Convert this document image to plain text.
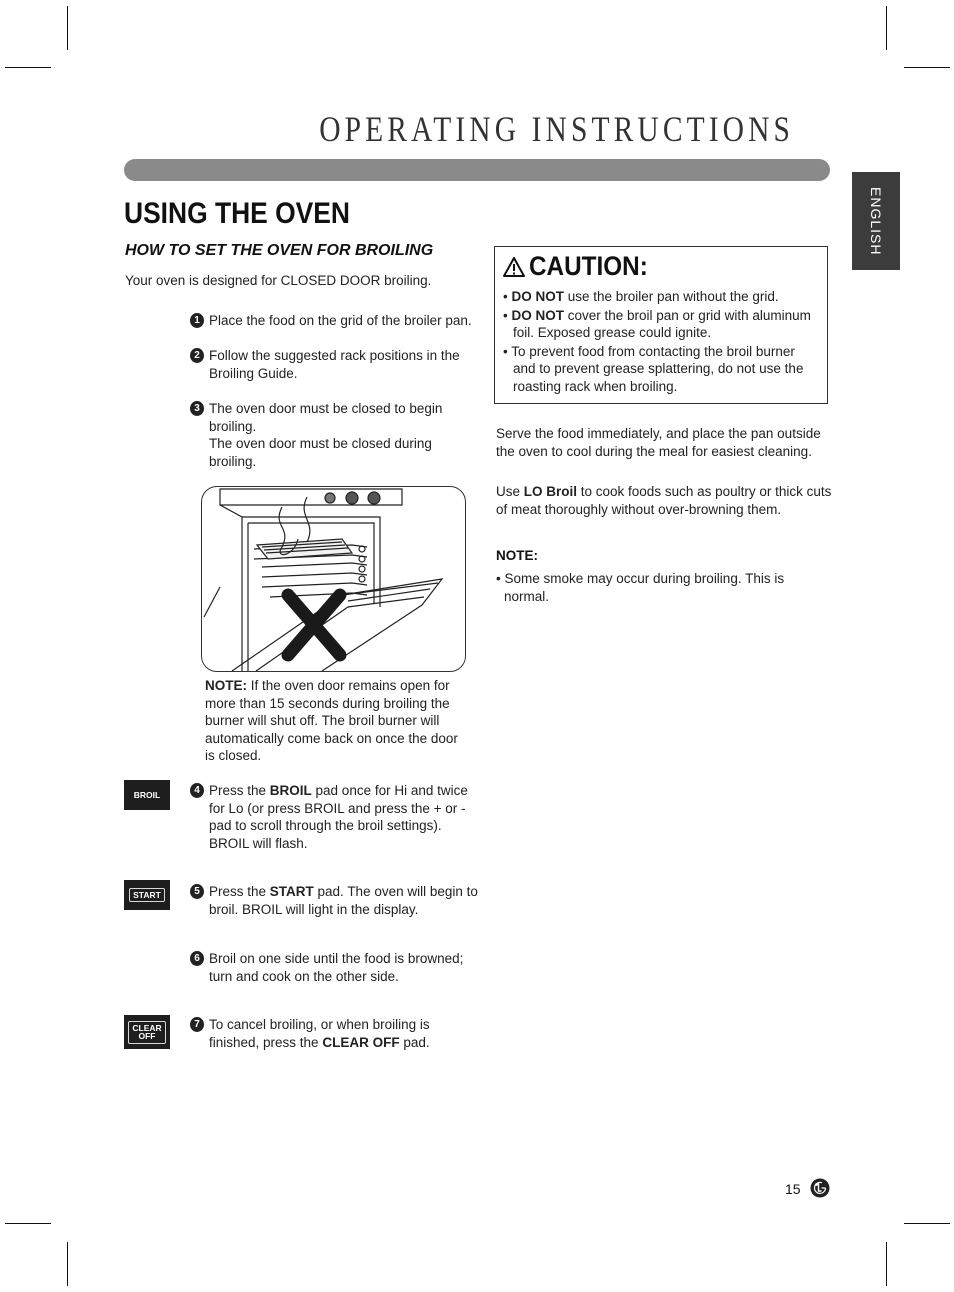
OPERATING INSTRUCTIONS
ENGLISH
USING THE OVEN
HOW TO SET THE OVEN FOR BROILING
Your oven is designed for CLOSED DOOR broiling.
1 Place the food on the grid of the broiler pan.

2 Follow the suggested rack positions in the Broiling Guide.

3 The oven door must be closed to begin broiling.

The oven door must be closed during broiling.

NOTE: If the oven door remains open for more than 15 seconds during broiling the burner will shut off. The broil burner will automatically come back on once the door is closed.
BROIL	4 Press the BROIL pad once for Hi and twice for Lo (or press BROIL and press the + or - pad to scroll through the broil settings). BROIL will flash.

START	5 Press the START pad. The oven will begin to broil. BROIL will light in the display.

6 Broil on one side until the food is browned; turn and cook on the other side.

CLEAR
OFF
7 To cancel broiling, or when broiling is finished, press the CLEAR OFF pad.

CAUTION:
• DO NOT use the broiler pan without the grid.
• DO NOT cover the broil pan or grid with aluminum foil. Exposed grease could ignite.
• To prevent food from contacting the broil burner and to prevent grease splattering, do not use the roasting rack when broiling.
Serve the food immediately, and place the pan outside the oven to cool during the meal for easiest cleaning.
Use LO Broil to cook foods such as poultry or thick cuts of meat thoroughly without over-browning them.
NOTE:
• Some smoke may occur during broiling. This is normal.
15
